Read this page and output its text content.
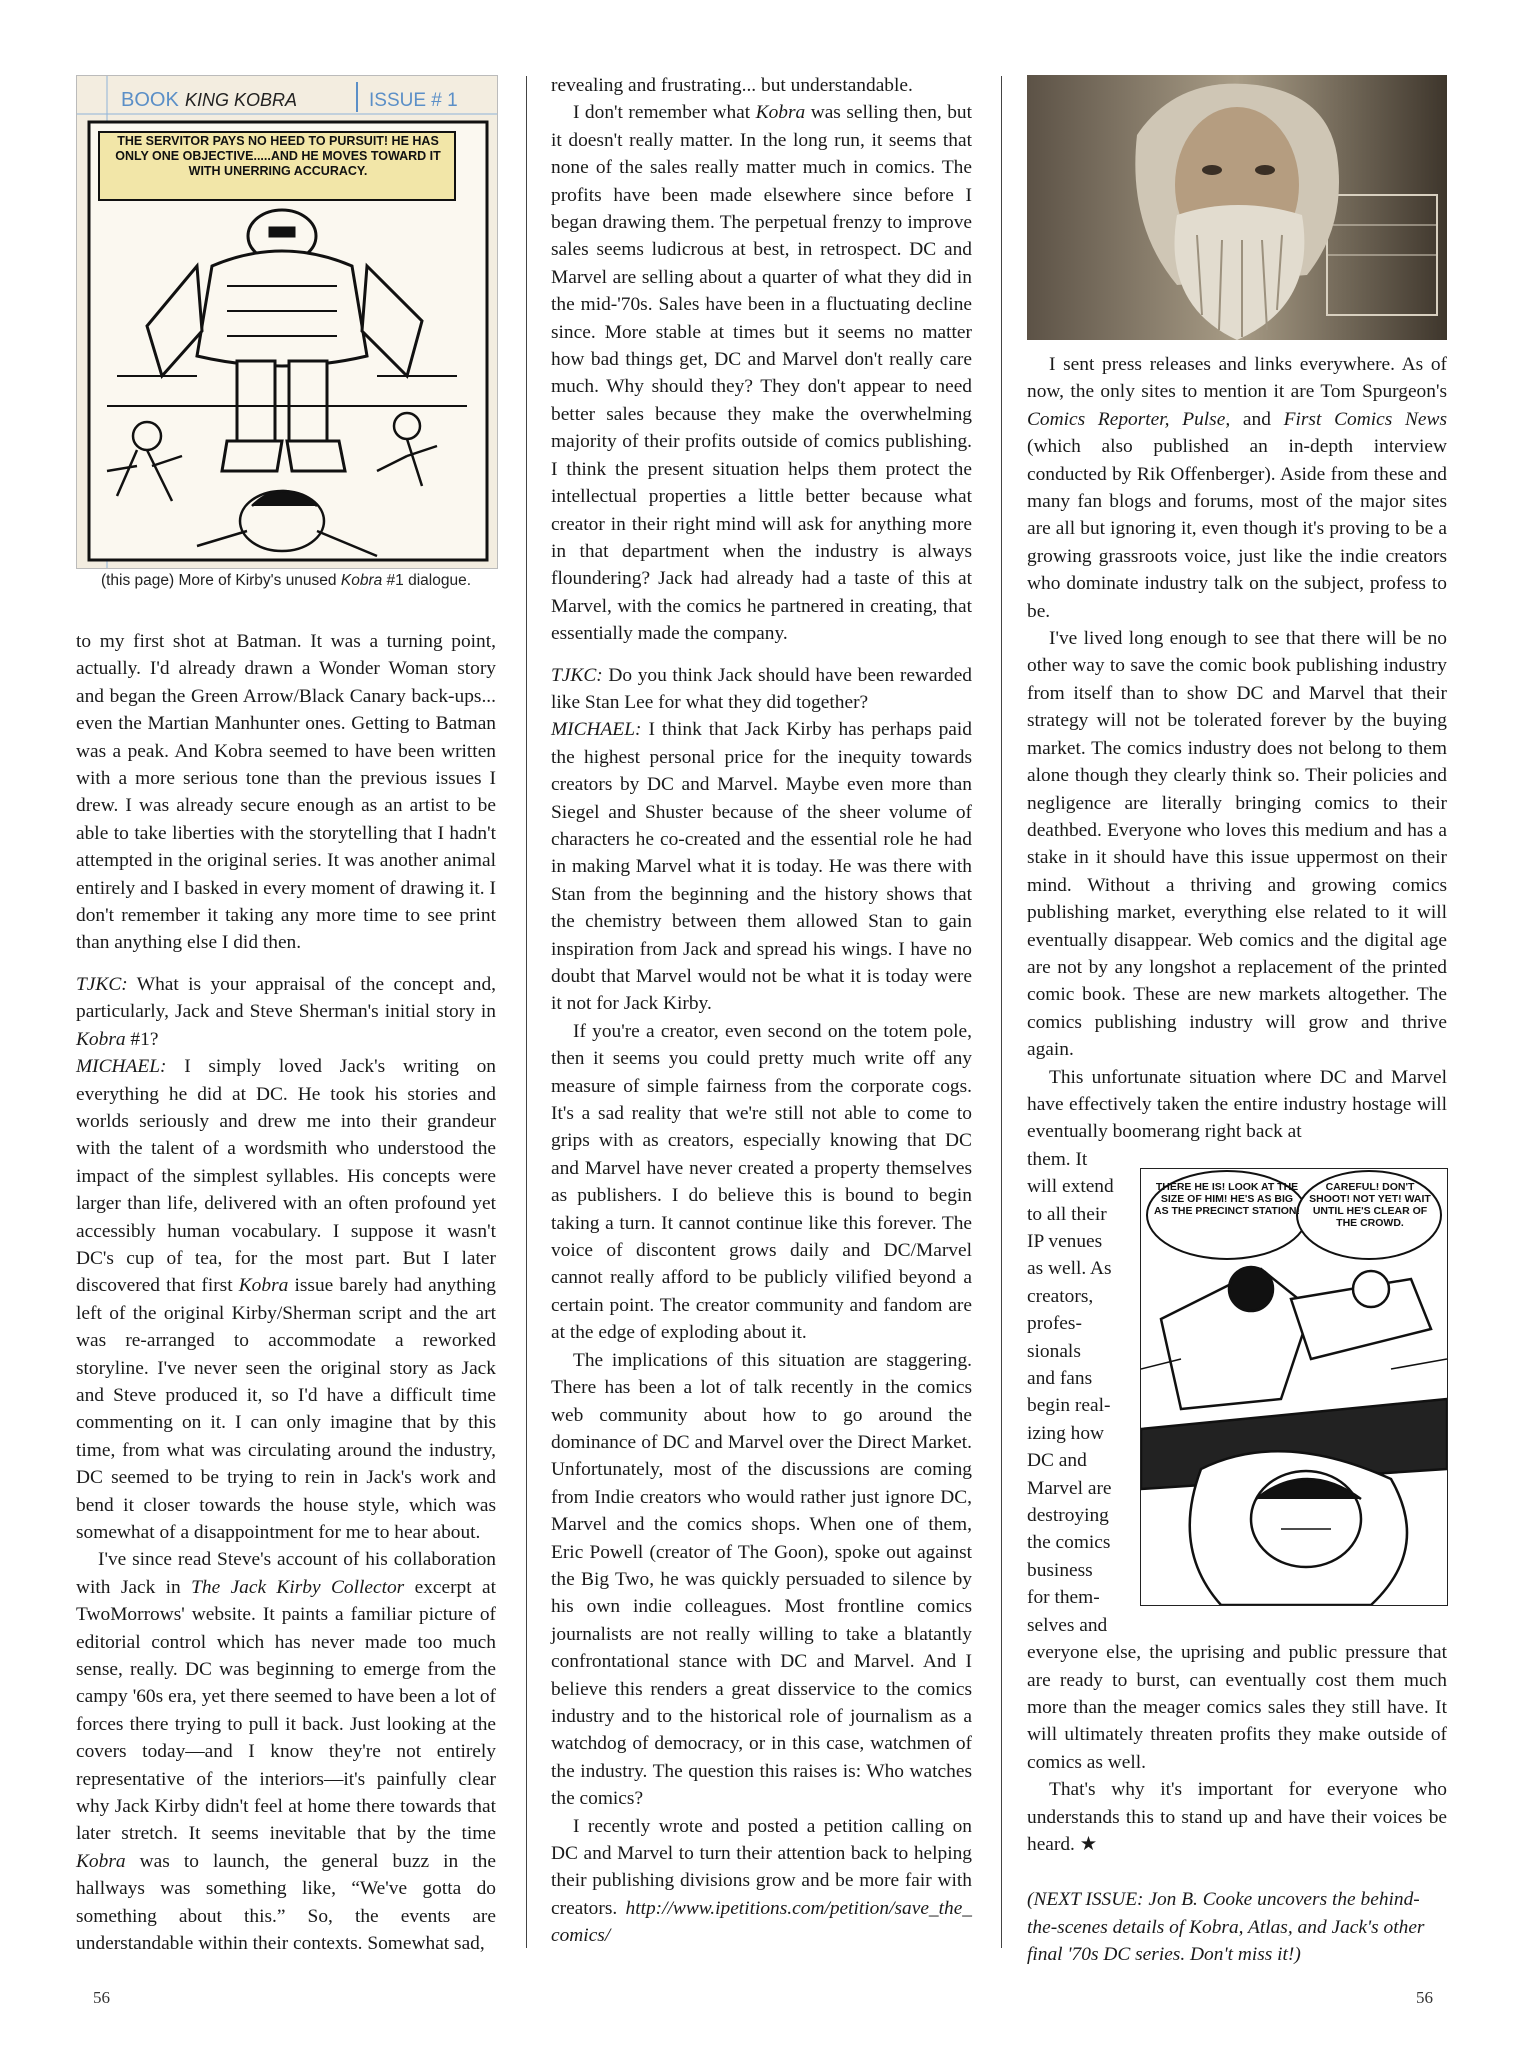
BOOK KING KOBRA	ISSUE # 1
THE SERVITOR PAYS NO HEED TO PURSUIT! HE HAS ONLY ONE OBJECTIVE.....AND HE MOVES TOWARD IT WITH UNERRING ACCURACY.
(this page) More of Kirby's unused Kobra #1 dialogue.

to my first shot at Batman. It was a turning point, actually. I'd already drawn a Wonder Woman story and began the Green Arrow/Black Canary back-ups... even the Martian Manhunter ones. Getting to Batman was a peak. And Kobra seemed to have been written with a more serious tone than the previous issues I drew. I was already secure enough as an artist to be able to take liberties with the storytelling that I hadn't attempted in the original series. It was another animal entirely and I basked in every moment of drawing it. I don't remember it taking any more time to see print than anything else I did then.

TJKC: What is your appraisal of the concept and, particularly, Jack and Steve Sherman's initial story in Kobra #1?

MICHAEL: I simply loved Jack's writing on everything he did at DC. He took his stories and worlds seriously and drew me into their grandeur with the talent of a wordsmith who understood the impact of the simplest syllables. His concepts were larger than life, delivered with an often profound yet accessibly human vocabulary. I suppose it wasn't DC's cup of tea, for the most part. But I later discovered that first Kobra issue barely had anything left of the original Kirby/Sherman script and the art was re-arranged to accommodate a reworked storyline. I've never seen the original story as Jack and Steve produced it, so I'd have a difficult time commenting on it. I can only imagine that by this time, from what was circulating around the industry, DC seemed to be trying to rein in Jack's work and bend it closer towards the house style, which was somewhat of a disappointment for me to hear about.

I've since read Steve's account of his collaboration with Jack in The Jack Kirby Collector excerpt at TwoMorrows' website. It paints a familiar picture of editorial control which has never made too much sense, really. DC was beginning to emerge from the campy '60s era, yet there seemed to have been a lot of forces there trying to pull it back. Just looking at the covers today—and I know they're not entirely representative of the interiors—it's painfully clear why Jack Kirby didn't feel at home there towards that later stretch. It seems inevitable that by the time Kobra was to launch, the general buzz in the hallways was something like, “We've gotta do something about this.” So, the events are understandable within their contexts. Somewhat sad,

revealing and frustrating... but understandable.

I don't remember what Kobra was selling then, but it doesn't really matter. In the long run, it seems that none of the sales really matter much in comics. The profits have been made elsewhere since before I began drawing them. The perpetual frenzy to improve sales seems ludicrous at best, in retrospect. DC and Marvel are selling about a quarter of what they did in the mid-'70s. Sales have been in a fluctuating decline since. More stable at times but it seems no matter how bad things get, DC and Marvel don't really care much. Why should they? They don't appear to need better sales because they make the overwhelming majority of their profits outside of comics publishing. I think the present situation helps them protect the intellectual properties a little better because what creator in their right mind will ask for anything more in that department when the industry is always floundering? Jack had already had a taste of this at Marvel, with the comics he partnered in creating, that essentially made the company.

TJKC: Do you think Jack should have been rewarded like Stan Lee for what they did together?

MICHAEL: I think that Jack Kirby has perhaps paid the highest personal price for the inequity towards creators by DC and Marvel. Maybe even more than Siegel and Shuster because of the sheer volume of characters he co-created and the essential role he had in making Marvel what it is today. He was there with Stan from the beginning and the history shows that the chemistry between them allowed Stan to gain inspiration from Jack and spread his wings. I have no doubt that Marvel would not be what it is today were it not for Jack Kirby.

If you're a creator, even second on the totem pole, then it seems you could pretty much write off any measure of simple fairness from the corporate cogs. It's a sad reality that we're still not able to come to grips with as creators, especially knowing that DC and Marvel have never created a property themselves as publishers. I do believe this is bound to begin taking a turn. It cannot continue like this forever. The voice of discontent grows daily and DC/Marvel cannot really afford to be publicly vilified beyond a certain point. The creator community and fandom are at the edge of exploding about it.

The implications of this situation are staggering. There has been a lot of talk recently in the comics web community about how to go around the dominance of DC and Marvel over the Direct Market. Unfortunately, most of the discussions are coming from Indie creators who would rather just ignore DC, Marvel and the comics shops. When one of them, Eric Powell (creator of The Goon), spoke out against the Big Two, he was quickly persuaded to silence by his own indie colleagues. Most frontline comics journalists are not really willing to take a blatantly confrontational stance with DC and Marvel. And I believe this renders a great disservice to the comics industry and to the historical role of journalism as a watchdog of democracy, or in this case, watchmen of the industry. The question this raises is: Who watches the comics?

I recently wrote and posted a petition calling on DC and Marvel to turn their attention back to helping their publishing divisions grow and be more fair with creators. http://www.ipetitions.com/petition/save_the_comics/

I sent press releases and links everywhere. As of now, the only sites to mention it are Tom Spurgeon's Comics Reporter, Pulse, and First Comics News (which also published an in-depth interview conducted by Rik Offenberger). Aside from these and many fan blogs and forums, most of the major sites are all but ignoring it, even though it's proving to be a growing grassroots voice, just like the indie creators who dominate industry talk on the subject, profess to be.

I've lived long enough to see that there will be no other way to save the comic book publishing industry from itself than to show DC and Marvel that their strategy will not be tolerated forever by the buying market. The comics industry does not belong to them alone though they clearly think so. Their policies and negligence are literally bringing comics to their deathbed. Everyone who loves this medium and has a stake in it should have this issue uppermost on their mind. Without a thriving and growing comics publishing market, everything else related to it will eventually disappear. Web comics and the digital age are not by any longshot a replacement of the printed comic book. These are new markets altogether. The comics publishing industry will grow and thrive again.

This unfortunate situation where DC and Marvel have effectively taken the entire industry hostage will eventually boomerang right back at

them. It
will extend
to all their
IP venues
as well. As
creators,
profes-
sionals
and fans
begin real-
izing how
DC and
Marvel are
destroying
the comics
business
for them-
selves and

everyone else, the uprising and public pressure that are ready to burst, can eventually cost them much more than the meager comics sales they still have. It will ultimately threaten profits they make outside of comics as well.

That's why it's important for everyone who understands this to stand up and have their voices be heard. ★

(NEXT ISSUE: Jon B. Cooke uncovers the behind-the-scenes details of Kobra, Atlas, and Jack's other final '70s DC series. Don't miss it!)

THERE HE IS! LOOK AT THE SIZE OF HIM! HE'S AS BIG AS THE PRECINCT STATION!
CAREFUL! DON'T SHOOT! NOT YET! WAIT UNTIL HE'S CLEAR OF THE CROWD.
56	56
